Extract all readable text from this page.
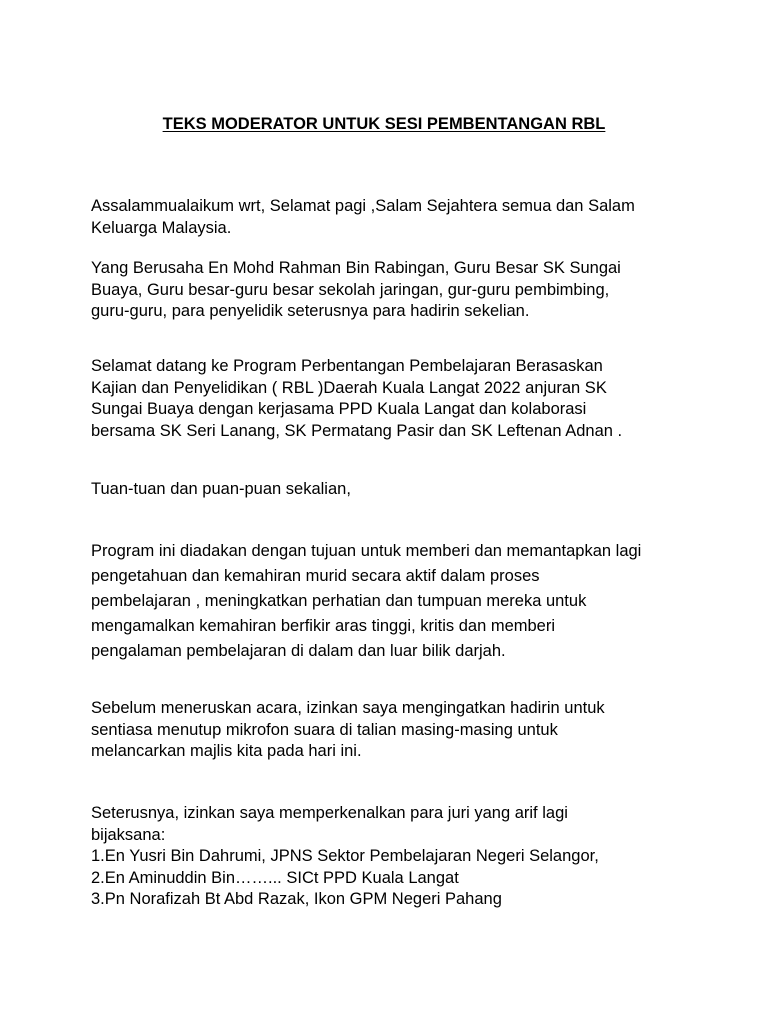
TEKS MODERATOR UNTUK SESI PEMBENTANGAN RBL
Assalammualaikum wrt, Selamat pagi ,Salam Sejahtera semua dan Salam
Keluarga Malaysia.
Yang Berusaha En Mohd Rahman Bin Rabingan, Guru Besar SK Sungai
Buaya, Guru besar-guru besar sekolah jaringan, gur-guru pembimbing,
guru-guru, para penyelidik seterusnya para hadirin sekelian.
Selamat datang ke Program Perbentangan Pembelajaran Berasaskan
Kajian dan Penyelidikan ( RBL )Daerah Kuala Langat 2022 anjuran SK
Sungai Buaya dengan kerjasama PPD Kuala Langat dan kolaborasi
bersama SK Seri Lanang, SK Permatang Pasir dan SK Leftenan Adnan .
Tuan-tuan dan puan-puan sekalian,
Program ini diadakan dengan tujuan untuk memberi dan memantapkan lagi
pengetahuan dan kemahiran murid secara aktif dalam proses
pembelajaran , meningkatkan perhatian dan tumpuan mereka untuk
mengamalkan kemahiran berfikir aras tinggi, kritis dan memberi
pengalaman pembelajaran di dalam dan luar bilik darjah.
Sebelum meneruskan acara, izinkan saya mengingatkan hadirin untuk
sentiasa menutup mikrofon suara di talian masing-masing untuk
melancarkan majlis kita pada hari ini.
Seterusnya, izinkan saya memperkenalkan para juri yang arif lagi
bijaksana:
1.En Yusri Bin Dahrumi, JPNS Sektor Pembelajaran Negeri Selangor,
2.En Aminuddin Bin……... SICt PPD Kuala Langat
3.Pn Norafizah Bt Abd Razak, Ikon GPM Negeri Pahang
